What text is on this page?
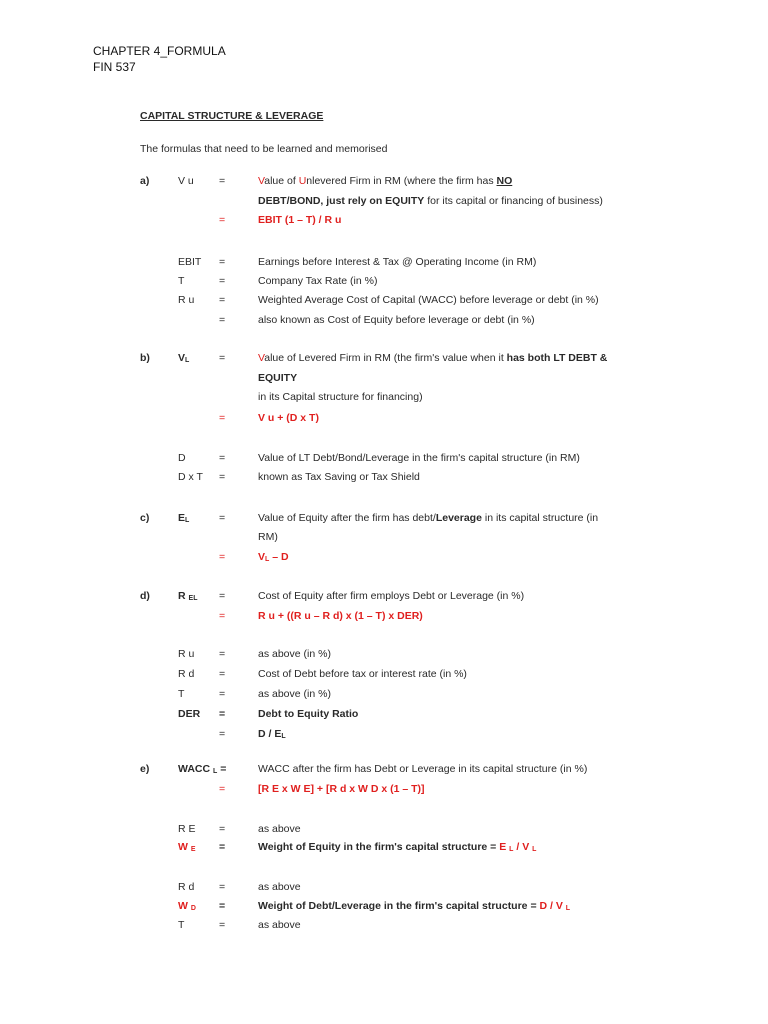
CHAPTER 4_FORMULA
FIN 537
CAPITAL STRUCTURE & LEVERAGE
The formulas that need to be learned and memorised
a)	V u =	Value of Unlevered Firm in RM (where the firm has NO
DEBT/BOND, just rely on EQUITY for its capital or financing of business)
=	EBIT (1 – T) / R u
EBIT =	Earnings before Interest & Tax @ Operating Income (in RM)
T	=	Company Tax Rate (in %)
R u =	Weighted Average Cost of Capital (WACC) before leverage or debt (in %)
=	also known as Cost of Equity before leverage or debt (in %)
b)	VL	=	Value of Levered Firm in RM (the firm's value when it has both LT DEBT &
EQUITY
in its Capital structure for financing)
=	V u + (D x T)
D	=	Value of LT Debt/Bond/Leverage in the firm's capital structure (in RM)
D x T =	known as Tax Saving or Tax Shield
c)	EL	=	Value of Equity after the firm has debt/Leverage in its capital structure (in
RM)
=	VL – D
d)	R EL =	Cost of Equity after firm employs Debt or Leverage (in %)
=	R u + ((R u – R d) x (1 – T) x DER)
R u =	as above (in %)
R d =	Cost of Debt before tax or interest rate (in %)
T	=	as above (in %)
DER =	Debt to Equity Ratio
=	D / EL
e)	WACC L =	WACC after the firm has Debt or Leverage in its capital structure (in %)
=	[R E x W E] + [R d x W D x (1 – T)]
R E =	as above
W E =	Weight of Equity in the firm's capital structure = E L / V L
R d =	as above
W D =	Weight of Debt/Leverage in the firm's capital structure = D / V L
T	=	as above
